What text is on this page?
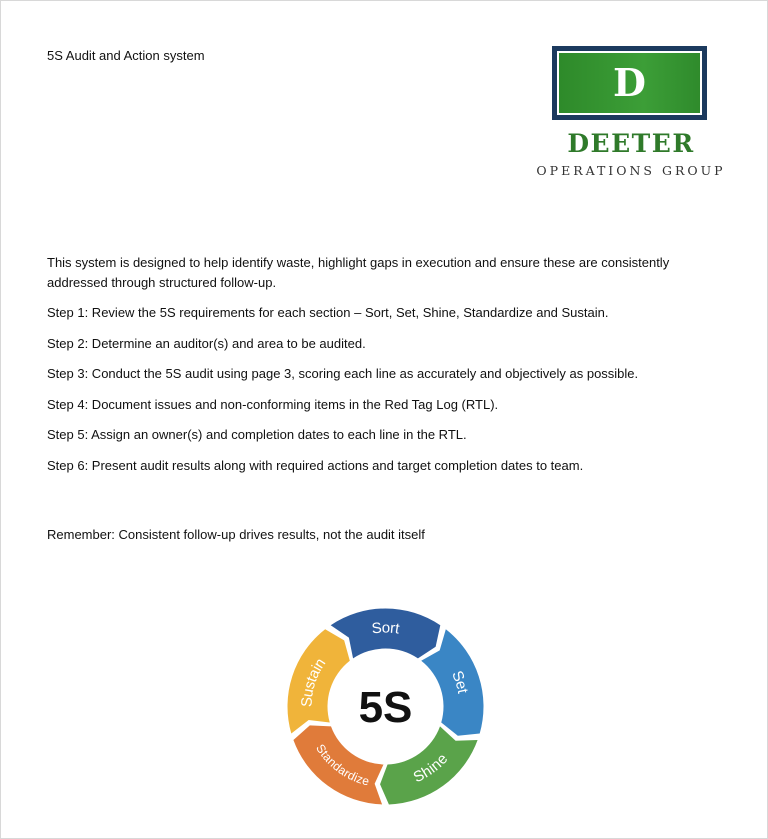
5S Audit and Action system
D
DEETER
OPERATIONS GROUP

This system is designed to help identify waste, highlight gaps in execution and ensure these are consistently addressed through structured follow-up.

Step 1: Review the 5S requirements for each section – Sort, Set, Shine, Standardize and Sustain.

Step 2: Determine an auditor(s) and area to be audited.

Step 3: Conduct the 5S audit using page 3, scoring each line as accurately and objectively as possible.

Step 4: Document issues and non-conforming items in the Red Tag Log (RTL).

Step 5: Assign an owner(s) and completion dates to each line in the RTL.

Step 6: Present audit results along with required actions and target completion dates to team.

Remember: Consistent follow-up drives results, not the audit itself
Sort
Set
Shine
Standardize
Sustain
5S
